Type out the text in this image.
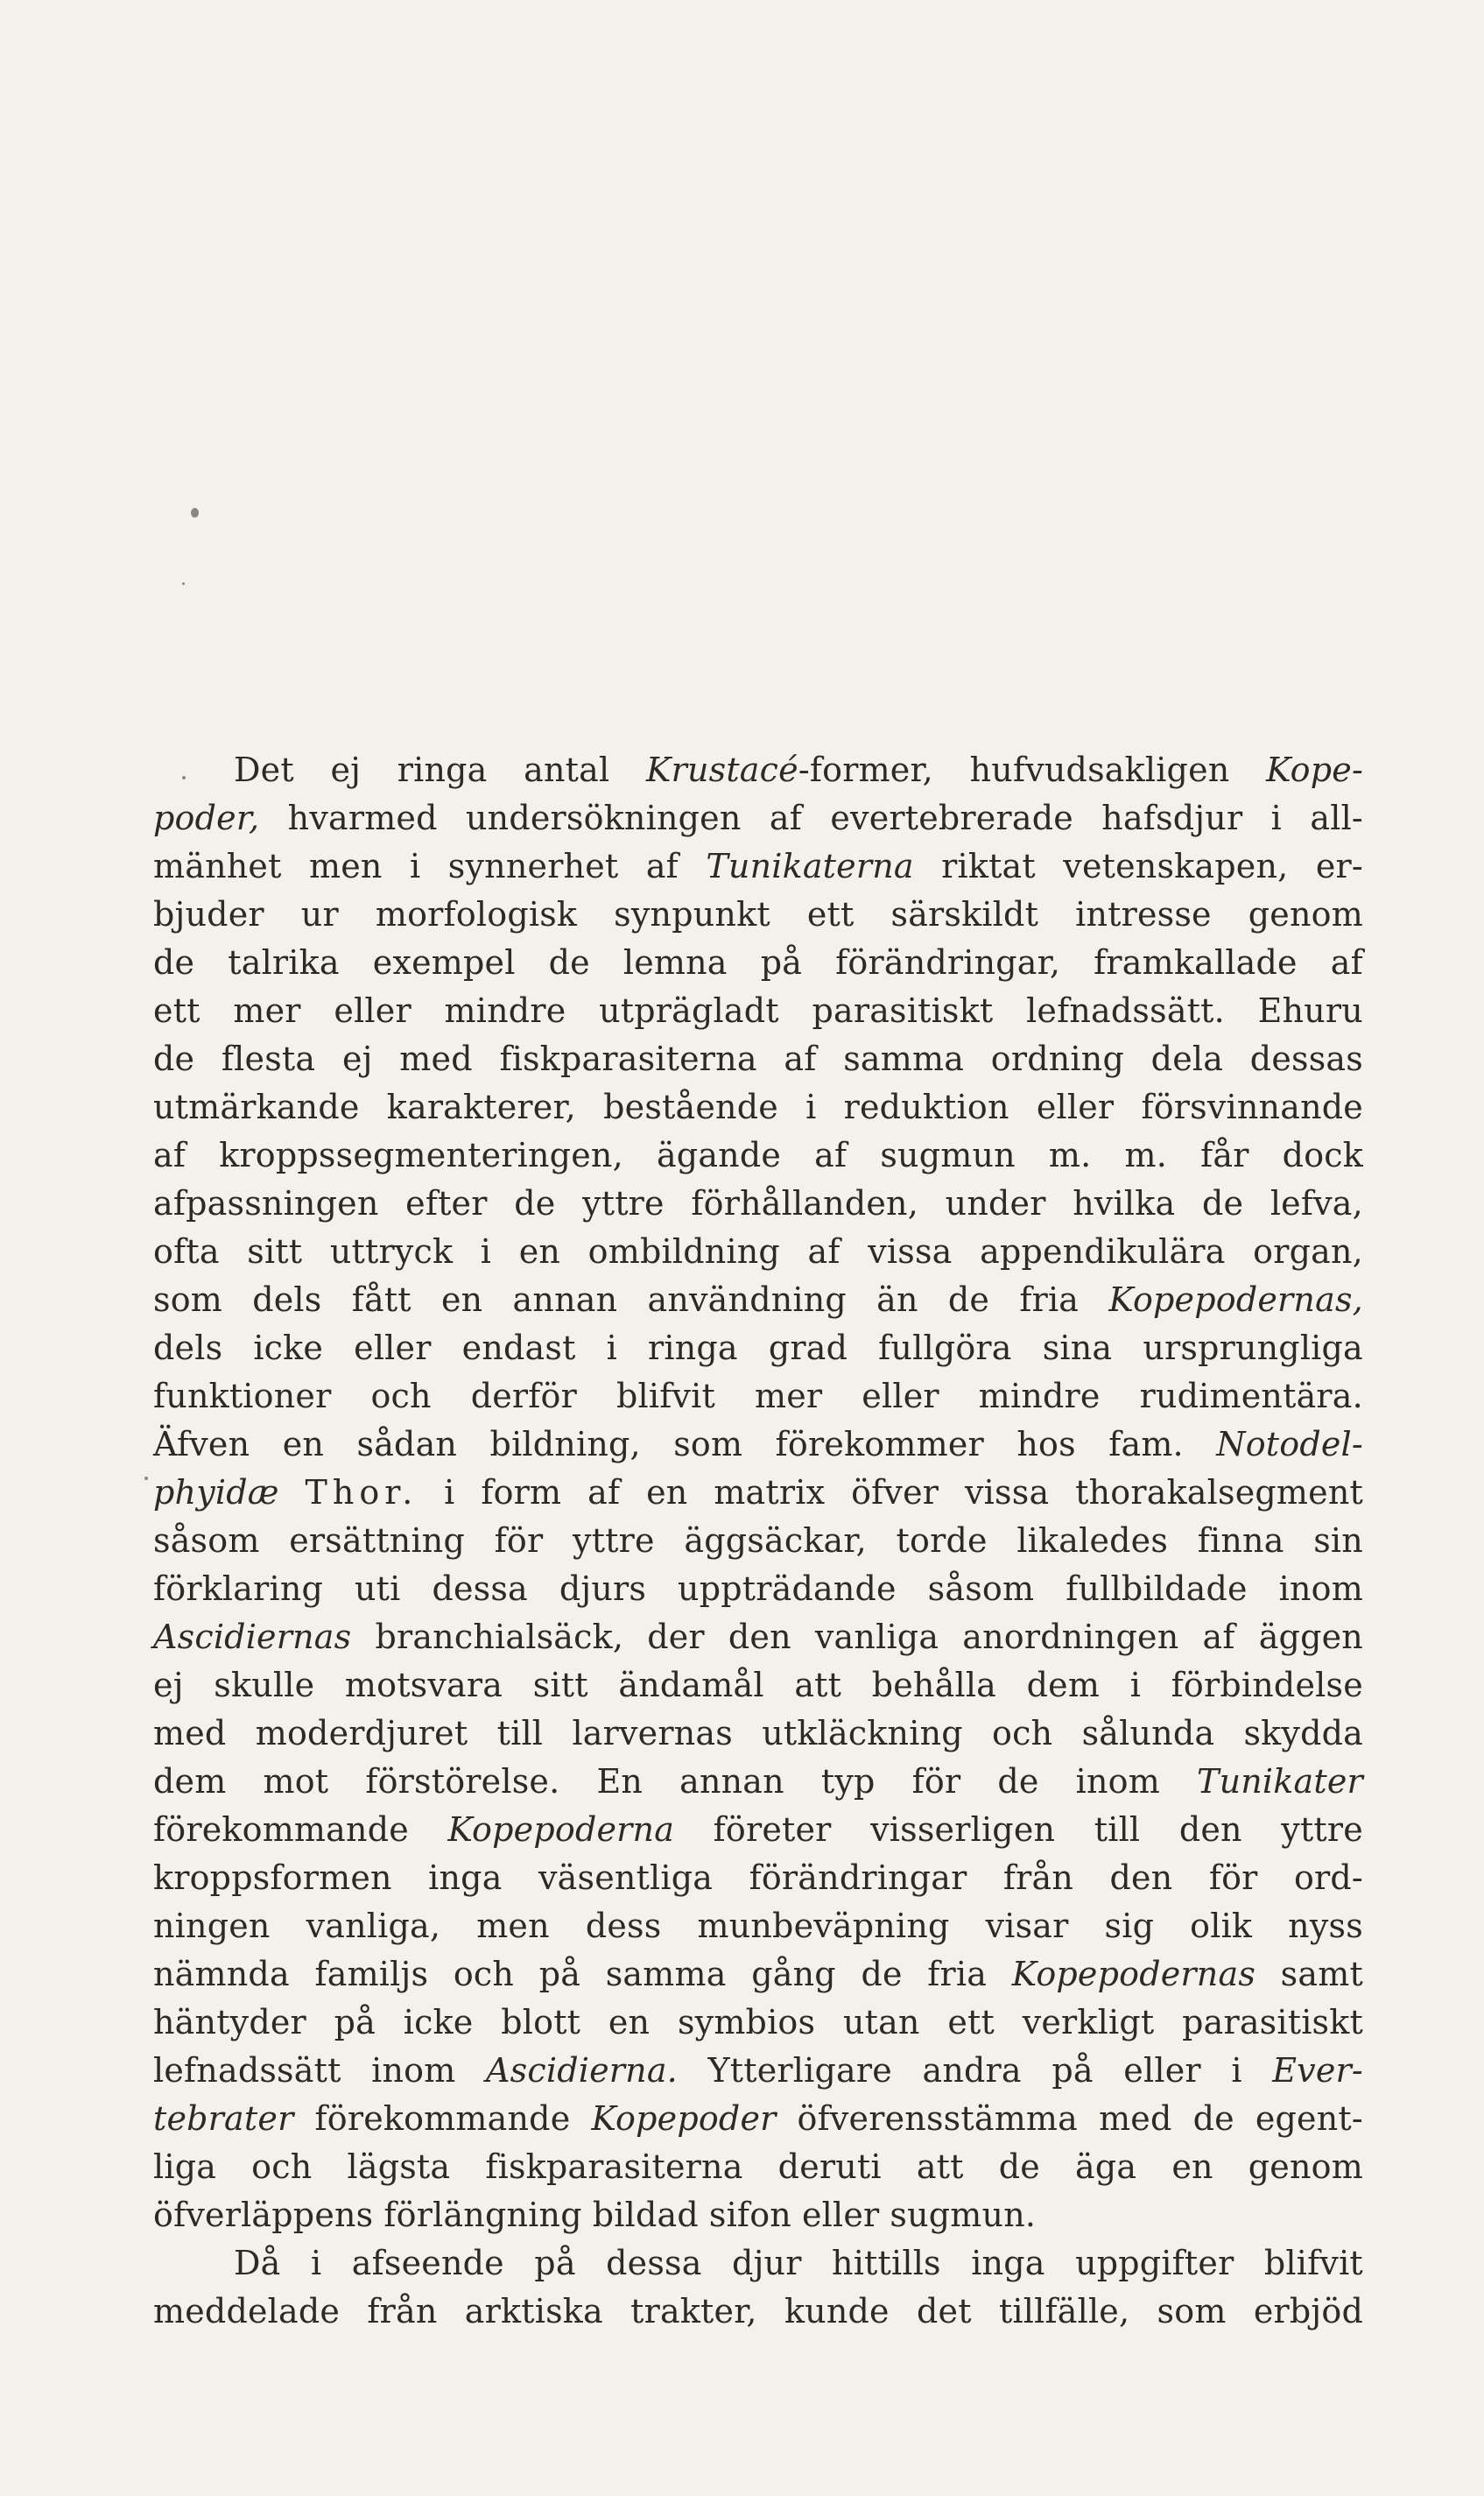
Det ej ringa antal Krustacé-former, hufvudsakligen Kope-
poder, hvarmed undersökningen af evertebrerade hafsdjur i all-
mänhet men i synnerhet af Tunikaterna riktat vetenskapen, er-
bjuder ur morfologisk synpunkt ett särskildt intresse genom
de talrika exempel de lemna på förändringar, framkallade af
ett mer eller mindre utprägladt parasitiskt lefnadssätt. Ehuru
de flesta ej med fiskparasiterna af samma ordning dela dessas
utmärkande karakterer, bestående i reduktion eller försvinnande
af kroppssegmenteringen, ägande af sugmun m. m. får dock
afpassningen efter de yttre förhållanden, under hvilka de lefva,
ofta sitt uttryck i en ombildning af vissa appendikulära organ,
som dels fått en annan användning än de fria Kopepodernas,
dels icke eller endast i ringa grad fullgöra sina ursprungliga
funktioner och derför blifvit mer eller mindre rudimentära.
Äfven en sådan bildning, som förekommer hos fam. Notodel-
phyidæ Thor. i form af en matrix öfver vissa thorakalsegment
såsom ersättning för yttre äggsäckar, torde likaledes finna sin
förklaring uti dessa djurs uppträdande såsom fullbildade inom
Ascidiernas branchialsäck, der den vanliga anordningen af äggen
ej skulle motsvara sitt ändamål att behålla dem i förbindelse
med moderdjuret till larvernas utkläckning och sålunda skydda
dem mot förstörelse. En annan typ för de inom Tunikater
förekommande Kopepoderna företer visserligen till den yttre
kroppsformen inga väsentliga förändringar från den för ord-
ningen vanliga, men dess munbeväpning visar sig olik nyss
nämnda familjs och på samma gång de fria Kopepodernas samt
häntyder på icke blott en symbios utan ett verkligt parasitiskt
lefnadssätt inom Ascidierna. Ytterligare andra på eller i Ever-
tebrater förekommande Kopepoder öfverensstämma med de egent-
liga och lägsta fiskparasiterna deruti att de äga en genom
öfverläppens förlängning bildad sifon eller sugmun.
Då i afseende på dessa djur hittills inga uppgifter blifvit
meddelade från arktiska trakter, kunde det tillfälle, som erbjöd
